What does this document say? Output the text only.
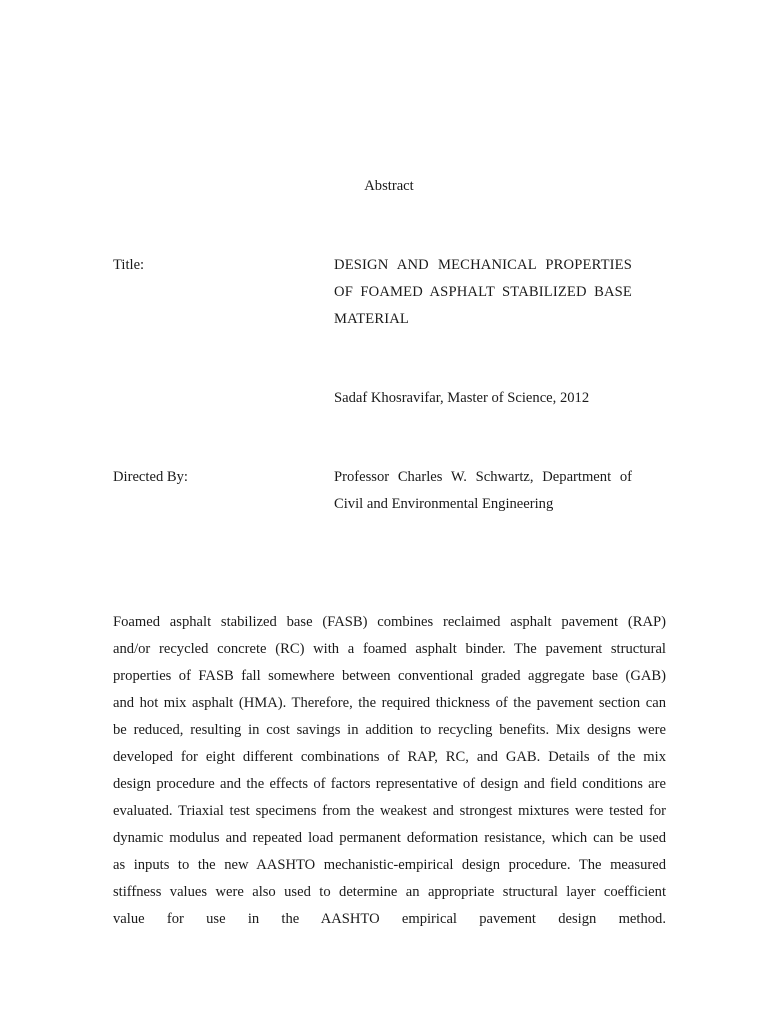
Abstract
Title:	DESIGN AND MECHANICAL PROPERTIES
OF FOAMED ASPHALT STABILIZED BASE
MATERIAL
Sadaf Khosravifar, Master of Science, 2012
Directed By:	Professor Charles W. Schwartz, Department of
Civil and Environmental Engineering
Foamed asphalt stabilized base (FASB) combines reclaimed asphalt pavement (RAP)
and/or recycled concrete (RC) with a foamed asphalt binder. The pavement structural
properties of FASB fall somewhere between conventional graded aggregate base (GAB)
and hot mix asphalt (HMA). Therefore, the required thickness of the pavement section can
be reduced, resulting in cost savings in addition to recycling benefits. Mix designs were
developed for eight different combinations of RAP, RC, and GAB. Details of the mix
design procedure and the effects of factors representative of design and field conditions are
evaluated. Triaxial test specimens from the weakest and strongest mixtures were tested for
dynamic modulus and repeated load permanent deformation resistance, which can be used
as inputs to the new AASHTO mechanistic-empirical design procedure. The measured
stiffness values were also used to determine an appropriate structural layer coefficient
value for use in the AASHTO empirical pavement design method.
